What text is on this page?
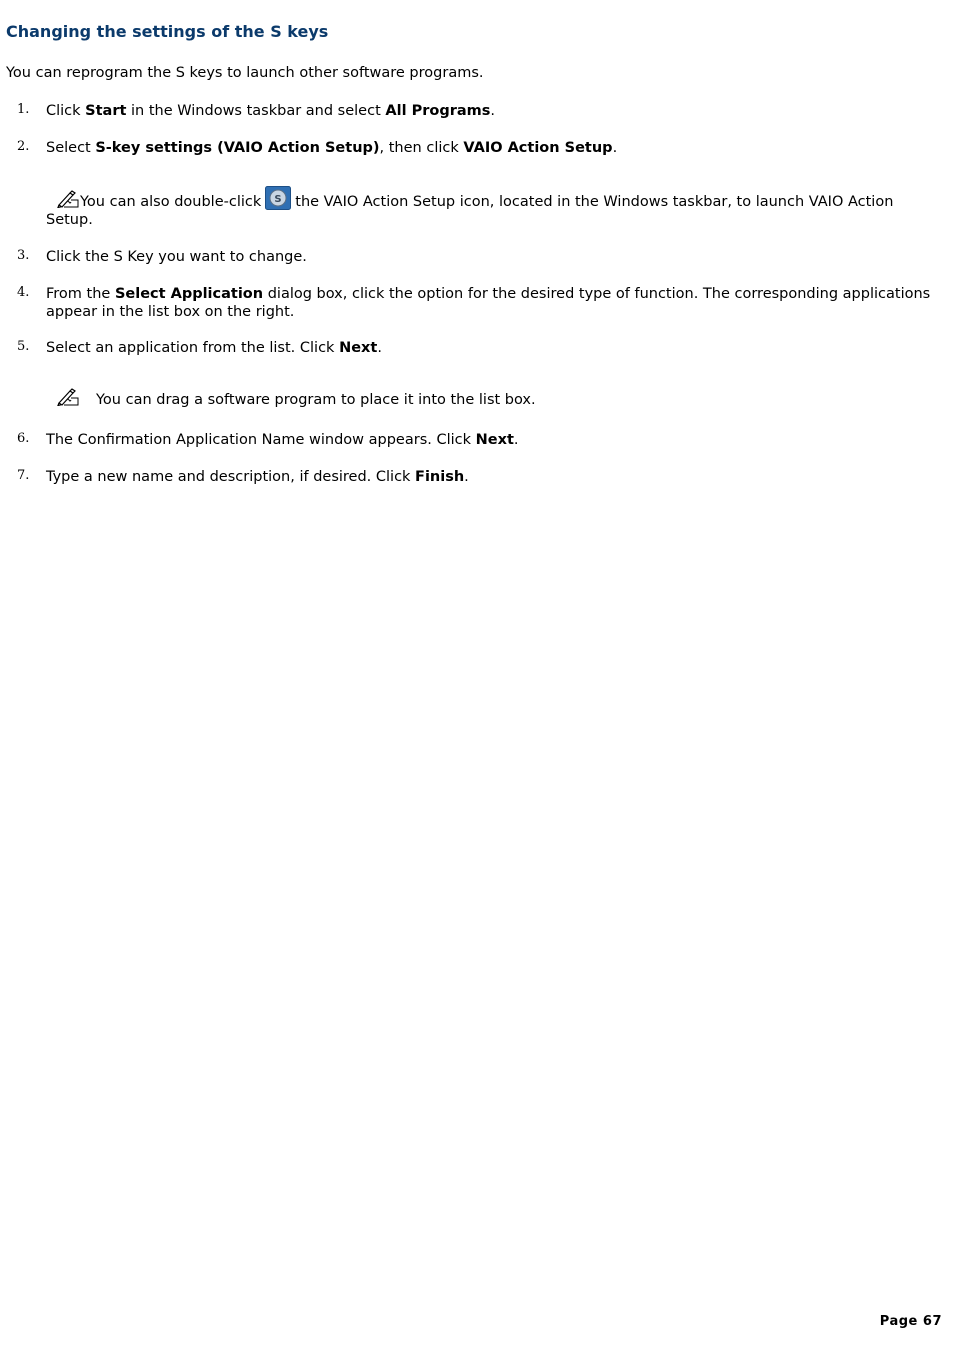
Changing the settings of the S keys

You can reprogram the S keys to launch other software programs.

1. Click Start in the Windows taskbar and select All Programs.
2. Select S-key settings (VAIO Action Setup), then click VAIO Action Setup.
You can also double-click S the VAIO Action Setup icon, located in the Windows taskbar, to launch VAIO Action Setup.
3. Click the S Key you want to change.
4. From the Select Application dialog box, click the option for the desired type of function. The corresponding applications appear in the list box on the right.
5. Select an application from the list. Click Next.
You can drag a software program to place it into the list box.
6. The Confirmation Application Name window appears. Click Next.
7. Type a new name and description, if desired. Click Finish.
Page 67
